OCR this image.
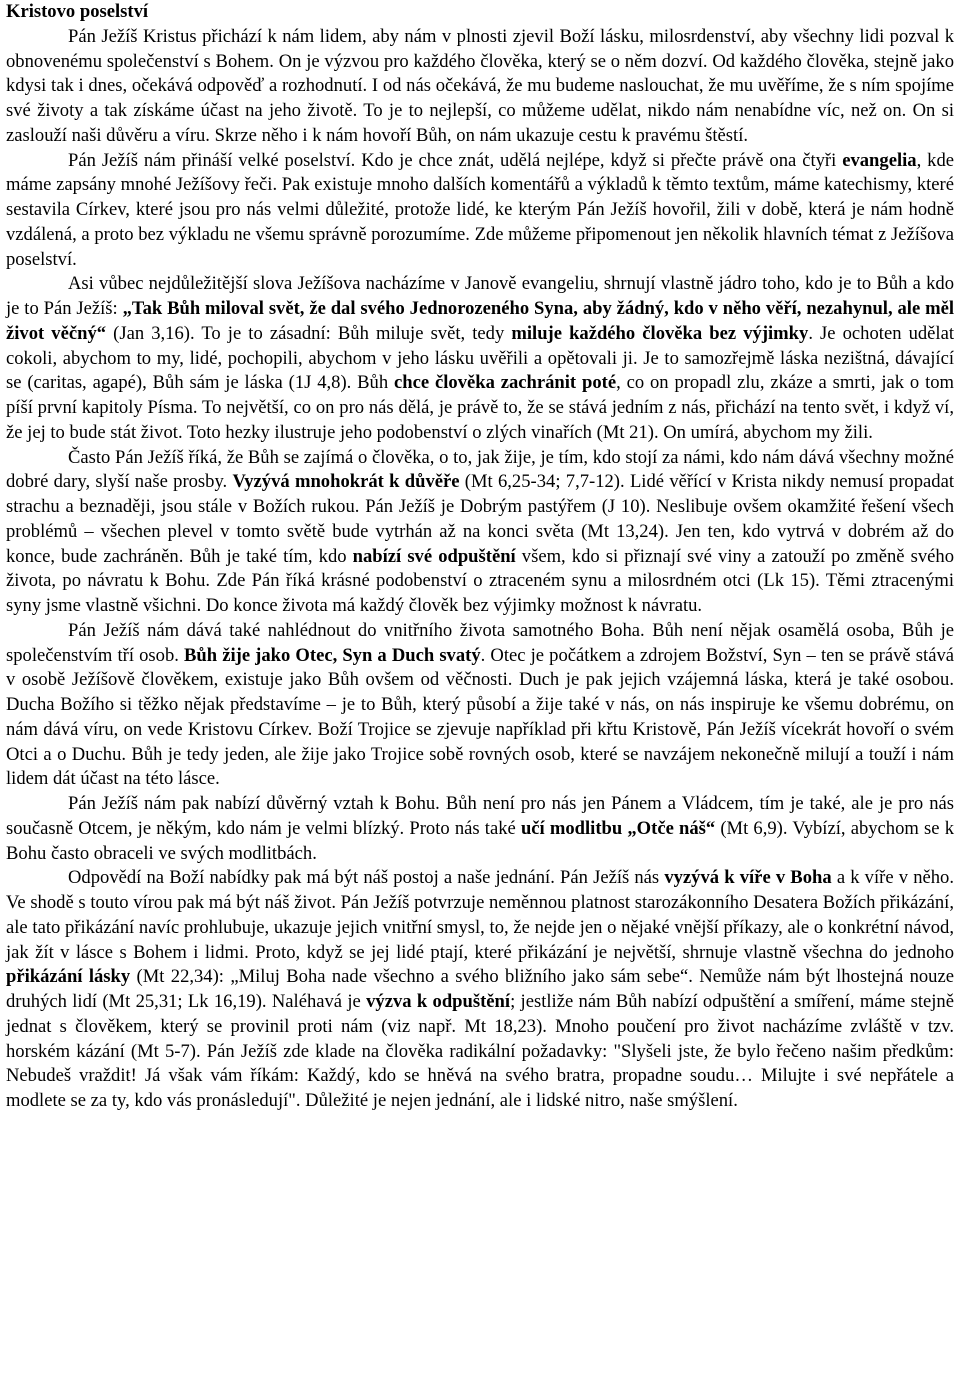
Kristovo poselství

Pán Ježíš Kristus přichází k nám lidem, aby nám v plnosti zjevil Boží lásku, milosrdenství, aby všechny lidi pozval k obnovenému společenství s Bohem. On je výzvou pro každého člověka, který se o něm dozví. Od každého člověka, stejně jako kdysi tak i dnes, očekává odpověď a rozhodnutí. I od nás očekává, že mu budeme naslouchat, že mu uvěříme, že s ním spojíme své životy a tak získáme účast na jeho životě. To je to nejlepší, co můžeme udělat, nikdo nám nenabídne víc, než on. On si zaslouží naši důvěru a víru. Skrze něho i k nám hovoří Bůh, on nám ukazuje cestu k pravému štěstí.

Pán Ježíš nám přináší velké poselství. Kdo je chce znát, udělá nejlépe, když si přečte právě ona čtyři evangelia, kde máme zapsány mnohé Ježíšovy řeči. Pak existuje mnoho dalších komentářů a výkladů k těmto textům, máme katechismy, které sestavila Církev, které jsou pro nás velmi důležité, protože lidé, ke kterým Pán Ježíš hovořil, žili v době, která je nám hodně vzdálená, a proto bez výkladu ne všemu správně porozumíme. Zde můžeme připomenout jen několik hlavních témat z Ježíšova poselství.

Asi vůbec nejdůležitější slova Ježíšova nacházíme v Janově evangeliu, shrnují vlastně jádro toho, kdo je to Bůh a kdo je to Pán Ježíš: „Tak Bůh miloval svět, že dal svého Jednorozeného Syna, aby žádný, kdo v něho věří, nezahynul, ale měl život věčný“ (Jan 3,16). To je to zásadní: Bůh miluje svět, tedy miluje každého člověka bez výjimky. Je ochoten udělat cokoli, abychom to my, lidé, pochopili, abychom v jeho lásku uvěřili a opětovali ji. Je to samozřejmě láska nezištná, dávající se (caritas, agapé), Bůh sám je láska (1J 4,8). Bůh chce člověka zachránit poté, co on propadl zlu, zkáze a smrti, jak o tom píší první kapitoly Písma. To největší, co on pro nás dělá, je právě to, že se stává jedním z nás, přichází na tento svět, i když ví, že jej to bude stát život. Toto hezky ilustruje jeho podobenství o zlých vinařích (Mt 21). On umírá, abychom my žili.

Často Pán Ježíš říká, že Bůh se zajímá o člověka, o to, jak žije, je tím, kdo stojí za námi, kdo nám dává všechny možné dobré dary, slyší naše prosby. Vyzývá mnohokrát k důvěře (Mt 6,25-34; 7,7-12). Lidé věřící v Krista nikdy nemusí propadat strachu a beznaději, jsou stále v Božích rukou. Pán Ježíš je Dobrým pastýřem (J 10). Neslibuje ovšem okamžité řešení všech problémů – všechen plevel v tomto světě bude vytrhán až na konci světa (Mt 13,24). Jen ten, kdo vytrvá v dobrém až do konce, bude zachráněn. Bůh je také tím, kdo nabízí své odpuštění všem, kdo si přiznají své viny a zatouží po změně svého života, po návratu k Bohu. Zde Pán říká krásné podobenství o ztraceném synu a milosrdném otci (Lk 15). Těmi ztracenými syny jsme vlastně všichni. Do konce života má každý člověk bez výjimky možnost k návratu.

Pán Ježíš nám dává také nahlédnout do vnitřního života samotného Boha. Bůh není nějak osamělá osoba, Bůh je společenstvím tří osob. Bůh žije jako Otec, Syn a Duch svatý. Otec je počátkem a zdrojem Božství, Syn – ten se právě stává v osobě Ježíšově člověkem, existuje jako Bůh ovšem od věčnosti. Duch je pak jejich vzájemná láska, která je také osobou. Ducha Božího si těžko nějak představíme – je to Bůh, který působí a žije také v nás, on nás inspiruje ke všemu dobrému, on nám dává víru, on vede Kristovu Církev. Boží Trojice se zjevuje například při křtu Kristově, Pán Ježíš vícekrát hovoří o svém Otci a o Duchu. Bůh je tedy jeden, ale žije jako Trojice sobě rovných osob, které se navzájem nekonečně milují a touží i nám lidem dát účast na této lásce.

Pán Ježíš nám pak nabízí důvěrný vztah k Bohu. Bůh není pro nás jen Pánem a Vládcem, tím je také, ale je pro nás současně Otcem, je někým, kdo nám je velmi blízký. Proto nás také učí modlitbu „Otče náš“ (Mt 6,9). Vybízí, abychom se k Bohu často obraceli ve svých modlitbách.

Odpovědí na Boží nabídky pak má být náš postoj a naše jednání. Pán Ježíš nás vyzývá k víře v Boha a k víře v něho. Ve shodě s touto vírou pak má být náš život. Pán Ježíš potvrzuje neměnnou platnost starozákonního Desatera Božích přikázání, ale tato přikázání navíc prohlubuje, ukazuje jejich vnitřní smysl, to, že nejde jen o nějaké vnější příkazy, ale o konkrétní návod, jak žít v lásce s Bohem i lidmi. Proto, když se jej lidé ptají, které přikázání je největší, shrnuje vlastně všechna do jednoho přikázání lásky (Mt 22,34): „Miluj Boha nade všechno a svého bližního jako sám sebe“. Nemůže nám být lhostejná nouze druhých lidí (Mt 25,31; Lk 16,19). Naléhavá je výzva k odpuštění; jestliže nám Bůh nabízí odpuštění a smíření, máme stejně jednat s člověkem, který se provinil proti nám (viz např. Mt 18,23). Mnoho poučení pro život nacházíme zvláště v tzv. horském kázání (Mt 5-7). Pán Ježíš zde klade na člověka radikální požadavky: "Slyšeli jste, že bylo řečeno našim předkům: Nebudeš vraždit! Já však vám říkám: Každý, kdo se hněvá na svého bratra, propadne soudu… Milujte i své nepřátele a modlete se za ty, kdo vás pronásledují". Důležité je nejen jednání, ale i lidské nitro, naše smýšlení.
